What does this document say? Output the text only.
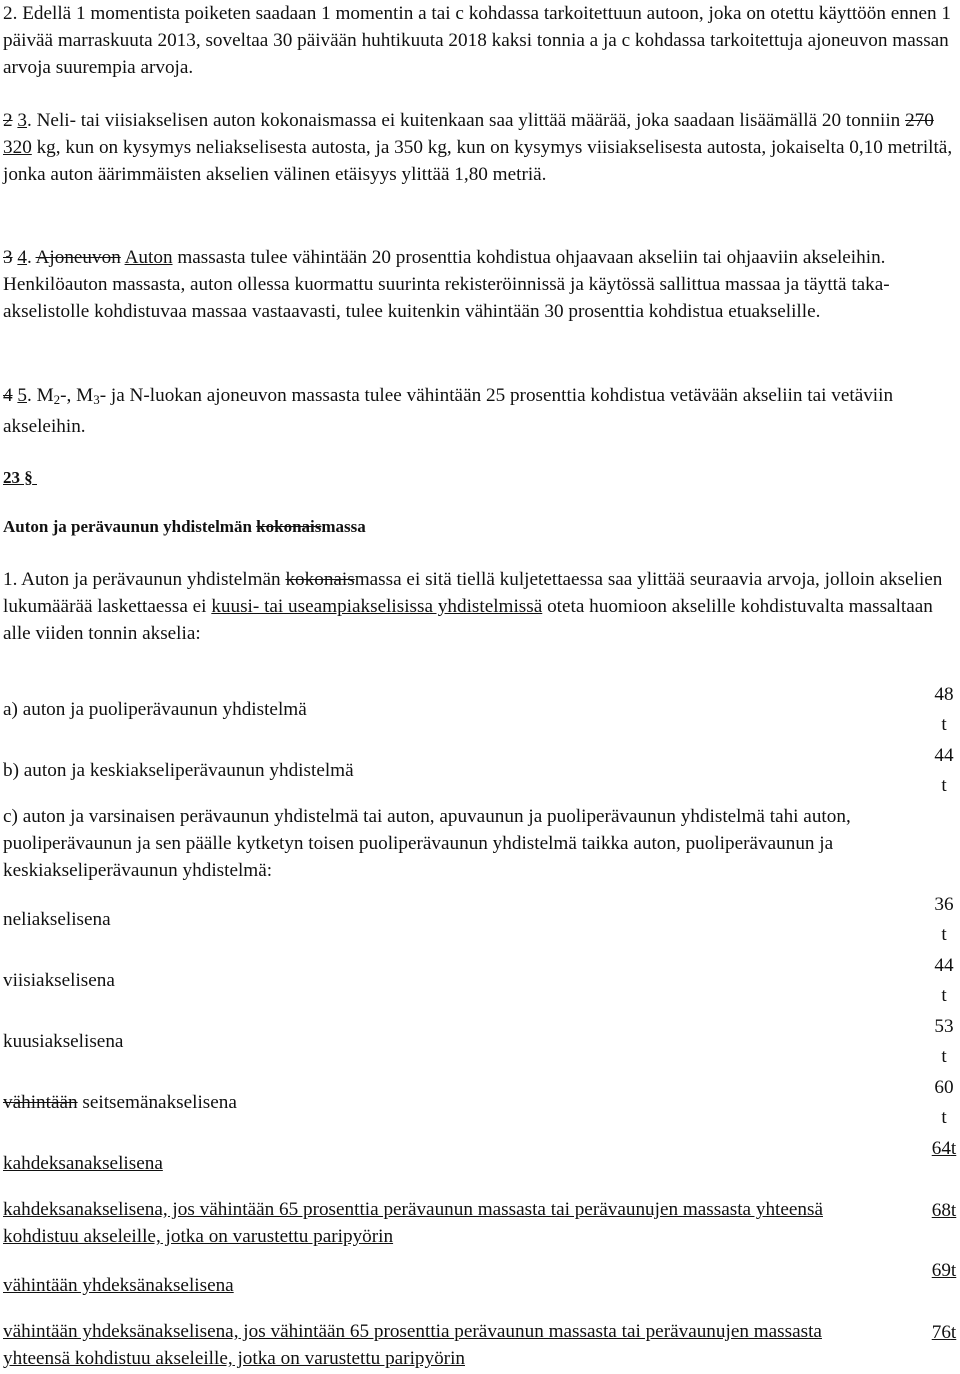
2. Edellä 1 momentista poiketen saadaan 1 momentin a tai c kohdassa tarkoitettuun autoon, joka on otettu käyttöön ennen 1 päivää marraskuuta 2013, soveltaa 30 päivään huhtikuuta 2018 kaksi tonnia a ja c kohdassa tarkoitettuja ajoneuvon massan arvoja suurempia arvoja.

2 3. Neli- tai viisiakselisen auton kokonaismassa ei kuitenkaan saa ylittää määrää, joka saadaan lisäämällä 20 tonniin 270 320 kg, kun on kysymys neliakselisesta autosta, ja 350 kg, kun on kysymys viisiakselisesta autosta, jokaiselta 0,10 metriltä, jonka auton äärimmäisten akselien välinen etäisyys ylittää 1,80 metriä.

3 4. Ajoneuvon Auton massasta tulee vähintään 20 prosenttia kohdistua ohjaavaan akseliin tai ohjaaviin akseleihin. Henkilöauton massasta, auton ollessa kuormattu suurinta rekisteröinnissä ja käytössä sallittua massaa ja täyttä taka-akselistolle kohdistuvaa massaa vastaavasti, tulee kuitenkin vähintään 30 prosenttia kohdistua etuakselille.

4 5. $M_2-$, $M_3-$ ja N-luokan ajoneuvon massasta tulee vähintään 25 prosenttia kohdistua vetävään akseliin tai vetäviin akseleihin.

23 §

Auton ja perävaunun yhdistelmän kokonaismassa

1. Auton ja perävaunun yhdistelmän kokonaismassa ei sitä tiellä kuljetettaessa saa ylittää seuraavia arvoja, jolloin akselien lukumäärää laskettaessa ei kuusi- tai useampiakselisissa yhdistelmissä oteta huomioon akselille kohdistuvalta massaltaan alle viiden tonnin akselia:

a) auton ja puoliperävaunun yhdistelmä
48
t
b) auton ja keskiakseliperävaunun yhdistelmä
44
t

c) auton ja varsinaisen perävaunun yhdistelmä tai auton, apuvaunun ja puoliperävaunun yhdistelmä tahi auton, puoliperävaunun ja sen päälle kytketyn toisen puoliperävaunun yhdistelmä taikka auton, puoliperävaunun ja keskiakseliperävaunun yhdistelmä:

neliakselisena
36
t
viisiakselisena
44
t
kuusiakselisena
53
t
vähintään seitsemänakselisena
60
t
kahdeksanakselisena
64t
kahdeksanakselisena, jos vähintään 65 prosenttia perävaunun massasta tai perävaunujen massasta yhteensä kohdistuu akseleille, jotka on varustettu paripyörin
68t
vähintään yhdeksänakselisena
69t
vähintään yhdeksänakselisena, jos vähintään 65 prosenttia perävaunun massasta tai perävaunujen massasta yhteensä kohdistuu akseleille, jotka on varustettu paripyörin
76t
